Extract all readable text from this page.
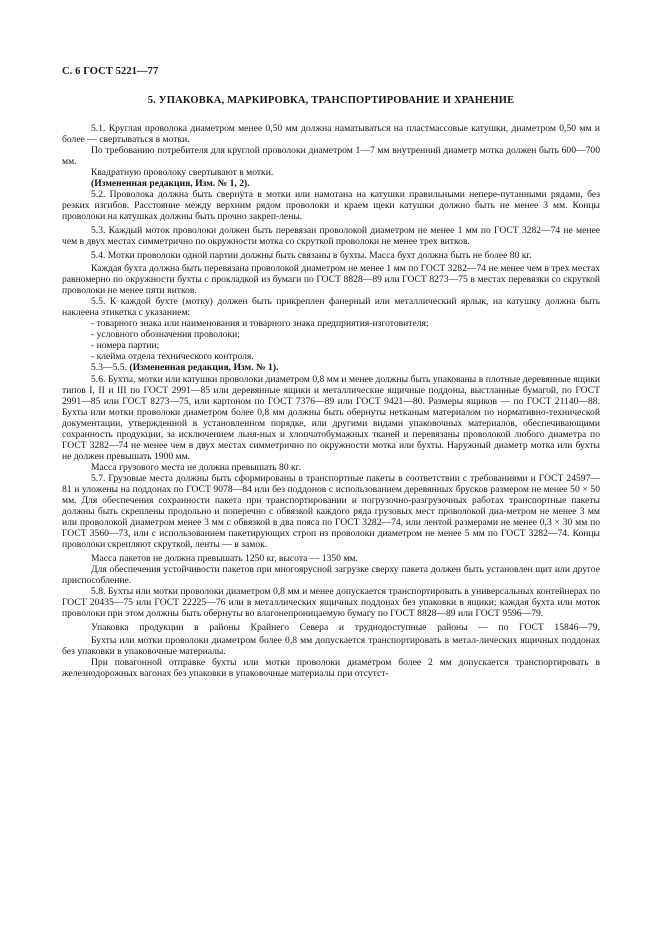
С. 6 ГОСТ 5221—77
5. УПАКОВКА, МАРКИРОВКА, ТРАНСПОРТИРОВАНИЕ И ХРАНЕНИЕ

5.1. Круглая проволока диаметром менее 0,50 мм должна наматываться на пластмассовые катушки, диаметром 0,50 мм и более — свертываться в мотки.

По требованию потребителя для круглой проволоки диаметром 1—7 мм внутренний диаметр мотка должен быть 600—700 мм.

Квадратную проволоку свертывают в мотки.

(Измененная редакция, Изм. № 1, 2).

5.2. Проволока должна быть свернута в мотки или намотана на катушки правильными непере-путанными рядами, без резких изгибов. Расстояние между верхним рядом проволоки и краем щеки катушки должно быть не менее 3 мм. Концы проволоки на катушках должны быть прочно закреп-лены.

5.3. Каждый моток проволоки должен быть перевязан проволокой диаметром не менее 1 мм по ГОСТ 3282—74 не менее чем в двух местах симметрично по окружности мотка со скруткой проволоки не менее трех витков.

5.4. Мотки проволоки одной партии должны быть связаны в бухты. Масса бухт должна быть не более 80 кг.

Каждая бухта должна быть перевязана проволокой диаметром не менее 1 мм по ГОСТ 3282—74 не менее чем в трех местах равномерно по окружности бухты с прокладкой из бумаги по ГОСТ 8828—89 или ГОСТ 8273—75 в местах перевязки со скруткой проволоки не менее пяти витков.

5.5. К каждой бухте (мотку) должен быть прикреплен фанерный или металлический ярлык, на катушку должна быть наклеена этикетка с указанием:

- товарного знака или наименования и товарного знака предприятия-изготовителя;

- условного обозначения проволоки;

- номера партии;

- клейма отдела технического контроля.

5.3—5.5. (Измененная редакция, Изм. № 1).

5.6. Бухты, мотки или катушки проволоки диаметром 0,8 мм и менее должны быть упакованы в плотные деревянные ящики типов I, II и III по ГОСТ 2991—85 или деревянные ящики и металлические ящичные поддоны, выстланные бумагой, по ГОСТ 2991—85 или ГОСТ 8273—75, или картоном по ГОСТ 7376—89 или ГОСТ 9421—80. Размеры ящиков — по ГОСТ 21140—88. Бухты или мотки проволоки диаметром более 0,8 мм должны быть обернуты нетканым материалом по нормативно-технической документации, утвержденной в установленном порядке, или другими видами упаковочных материалов, обеспечивающими сохранность продукции, за исключением льня-ных и хлопчатобумажных тканей и перевязаны проволокой любого диаметра по ГОСТ 3282—74 не менее чем в двух местах симметрично по окружности мотка или бухты. Наружный диаметр мотка или бухты не должен превышать 1900 мм.

Масса грузового места не должна превышать 80 кг.

5.7. Грузовые места должны быть сформированы в транспортные пакеты в соответствии с требованиями и ГОСТ 24597—81 и уложены на поддонах по ГОСТ 9078—84 или без поддонов с использованием деревянных брусков размером не менее 50 × 50 мм. Для обеспечения сохранности пакета при транспортировании и погрузочно-разгрузочных работах транспортные пакеты должны быть скреплены продольно и поперечно с обвязкой каждого ряда грузовых мест проволокой диа-метром не менее 3 мм или проволокой диаметром менее 3 мм с обвязкой в два пояса по ГОСТ 3282—74, или лентой размерами не менее 0,3 × 30 мм по ГОСТ 3560—73, или с использованием пакетирующих строп из проволоки диаметром не менее 5 мм по ГОСТ 3282—74. Концы проволоки скрепляют скруткой, ленты — в замок.

Масса пакетов не должна превышать 1250 кг, высота — 1350 мм.

Для обеспечения устойчивости пакетов при многоярусной загрузке сверху пакета должен быть установлен щит или другое приспособление.

5.8. Бухты или мотки проволоки диаметром 0,8 мм и менее допускается транспортировать в универсальных контейнерах по ГОСТ 20435—75 или ГОСТ 22225—76 или в металлических ящичных поддонах без упаковки в ящики; каждая бухта или моток проволоки при этом должны быть обернуты во влагонепроницаемую бумагу по ГОСТ 8828—89 или ГОСТ 9596—79.

Упаковка продукции в районы Крайнего Севера и труднодоступные районы — по ГОСТ 15846—79.

Бухты или мотки проволоки диаметром более 0,8 мм допускается транспортировать в метал-лических ящичных поддонах без упаковки в упаковочные материалы.

При повагонной отправке бухты или мотки проволоки диаметром более 2 мм допускается транспортировать в железнодорожных вагонах без упаковки в упаковочные материалы при отсутст-
